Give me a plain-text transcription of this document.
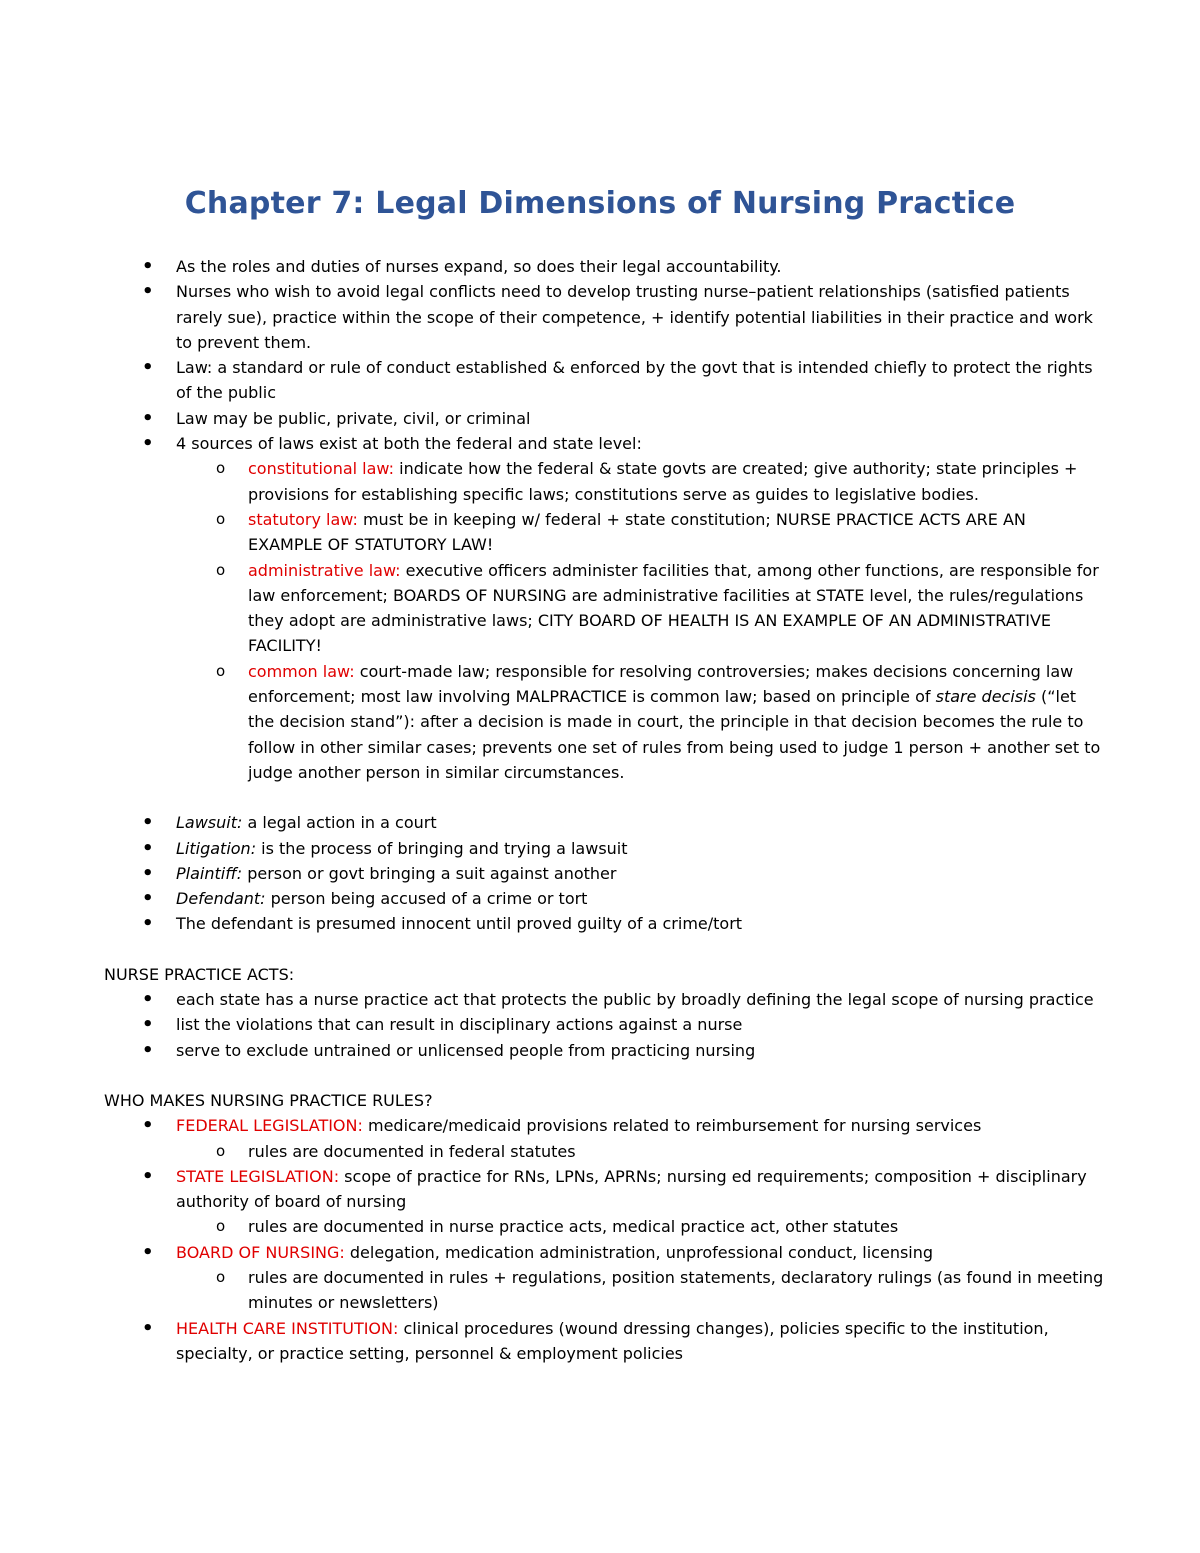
Chapter 7: Legal Dimensions of Nursing Practice
• As the roles and duties of nurses expand, so does their legal accountability.
• Nurses who wish to avoid legal conflicts need to develop trusting nurse–patient relationships (satisfied patients rarely sue), practice within the scope of their competence, + identify potential liabilities in their practice and work to prevent them.
• Law: a standard or rule of conduct established & enforced by the govt that is intended chiefly to protect the rights of the public
• Law may be public, private, civil, or criminal
• 4 sources of laws exist at both the federal and state level:
o constitutional law: indicate how the federal & state govts are created; give authority; state principles + provisions for establishing specific laws; constitutions serve as guides to legislative bodies.
o statutory law: must be in keeping w/ federal + state constitution; NURSE PRACTICE ACTS ARE AN EXAMPLE OF STATUTORY LAW!
o administrative law: executive officers administer facilities that, among other functions, are responsible for law enforcement; BOARDS OF NURSING are administrative facilities at STATE level, the rules/regulations they adopt are administrative laws; CITY BOARD OF HEALTH IS AN EXAMPLE OF AN ADMINISTRATIVE FACILITY!
o common law: court-made law; responsible for resolving controversies; makes decisions concerning law enforcement; most law involving MALPRACTICE is common law; based on principle of stare decisis (“let the decision stand”): after a decision is made in court, the principle in that decision becomes the rule to follow in other similar cases; prevents one set of rules from being used to judge 1 person + another set to judge another person in similar circumstances.
• Lawsuit: a legal action in a court
• Litigation: is the process of bringing and trying a lawsuit
• Plaintiff: person or govt bringing a suit against another
• Defendant: person being accused of a crime or tort
• The defendant is presumed innocent until proved guilty of a crime/tort
NURSE PRACTICE ACTS:
• each state has a nurse practice act that protects the public by broadly defining the legal scope of nursing practice
• list the violations that can result in disciplinary actions against a nurse
• serve to exclude untrained or unlicensed people from practicing nursing
WHO MAKES NURSING PRACTICE RULES?
• FEDERAL LEGISLATION: medicare/medicaid provisions related to reimbursement for nursing services
o rules are documented in federal statutes
• STATE LEGISLATION: scope of practice for RNs, LPNs, APRNs; nursing ed requirements; composition + disciplinary authority of board of nursing
o rules are documented in nurse practice acts, medical practice act, other statutes
• BOARD OF NURSING: delegation, medication administration, unprofessional conduct, licensing
o rules are documented in rules + regulations, position statements, declaratory rulings (as found in meeting minutes or newsletters)
• HEALTH CARE INSTITUTION: clinical procedures (wound dressing changes), policies specific to the institution, specialty, or practice setting, personnel & employment policies
